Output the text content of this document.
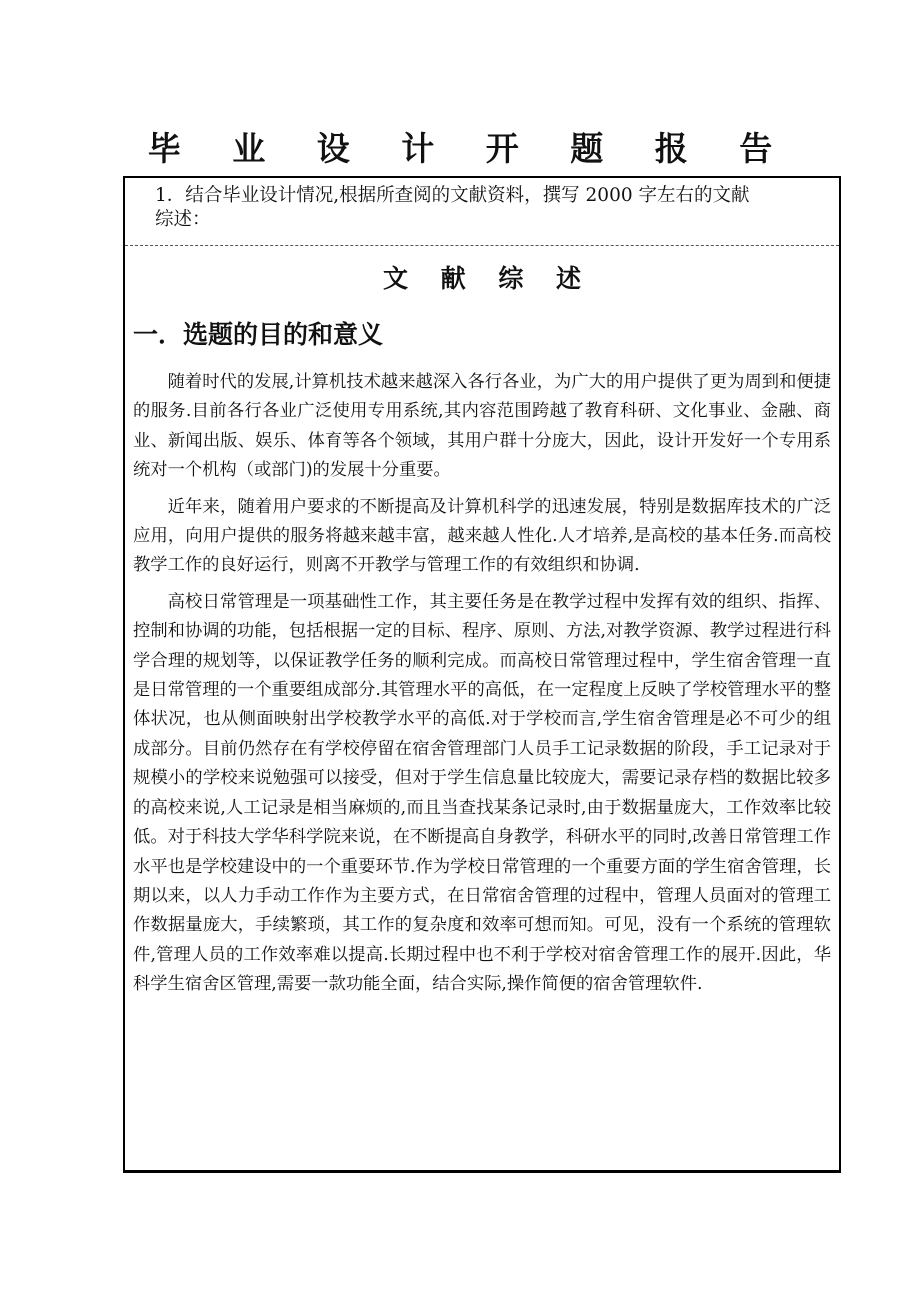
毕 业 设 计 开 题 报 告
1．结合毕业设计情况,根据所查阅的文献资料，撰写 2000 字左右的文献
综述：
文 献 综 述
一．选题的目的和意义

随着时代的发展,计算机技术越来越深入各行各业，为广大的用户提供了更为周到和便捷的服务.目前各行各业广泛使用专用系统,其内容范围跨越了教育科研、文化事业、金融、商业、新闻出版、娱乐、体育等各个领域，其用户群十分庞大，因此，设计开发好一个专用系统对一个机构（或部门)的发展十分重要。

近年来，随着用户要求的不断提高及计算机科学的迅速发展，特别是数据库技术的广泛应用，向用户提供的服务将越来越丰富，越来越人性化.人才培养,是高校的基本任务.而高校教学工作的良好运行，则离不开教学与管理工作的有效组织和协调.

高校日常管理是一项基础性工作，其主要任务是在教学过程中发挥有效的组织、指挥、控制和协调的功能，包括根据一定的目标、程序、原则、方法,对教学资源、教学过程进行科学合理的规划等，以保证教学任务的顺利完成。而高校日常管理过程中，学生宿舍管理一直是日常管理的一个重要组成部分.其管理水平的高低，在一定程度上反映了学校管理水平的整体状况，也从侧面映射出学校教学水平的高低.对于学校而言,学生宿舍管理是必不可少的组成部分。目前仍然存在有学校停留在宿舍管理部门人员手工记录数据的阶段，手工记录对于规模小的学校来说勉强可以接受，但对于学生信息量比较庞大，需要记录存档的数据比较多的高校来说,人工记录是相当麻烦的,而且当查找某条记录时,由于数据量庞大，工作效率比较低。对于科技大学华科学院来说，在不断提高自身教学，科研水平的同时,改善日常管理工作水平也是学校建设中的一个重要环节.作为学校日常管理的一个重要方面的学生宿舍管理，长期以来，以人力手动工作作为主要方式，在日常宿舍管理的过程中，管理人员面对的管理工作数据量庞大，手续繁琐，其工作的复杂度和效率可想而知。可见，没有一个系统的管理软件,管理人员的工作效率难以提高.长期过程中也不利于学校对宿舍管理工作的展开.因此，华科学生宿舍区管理,需要一款功能全面，结合实际,操作简便的宿舍管理软件.
